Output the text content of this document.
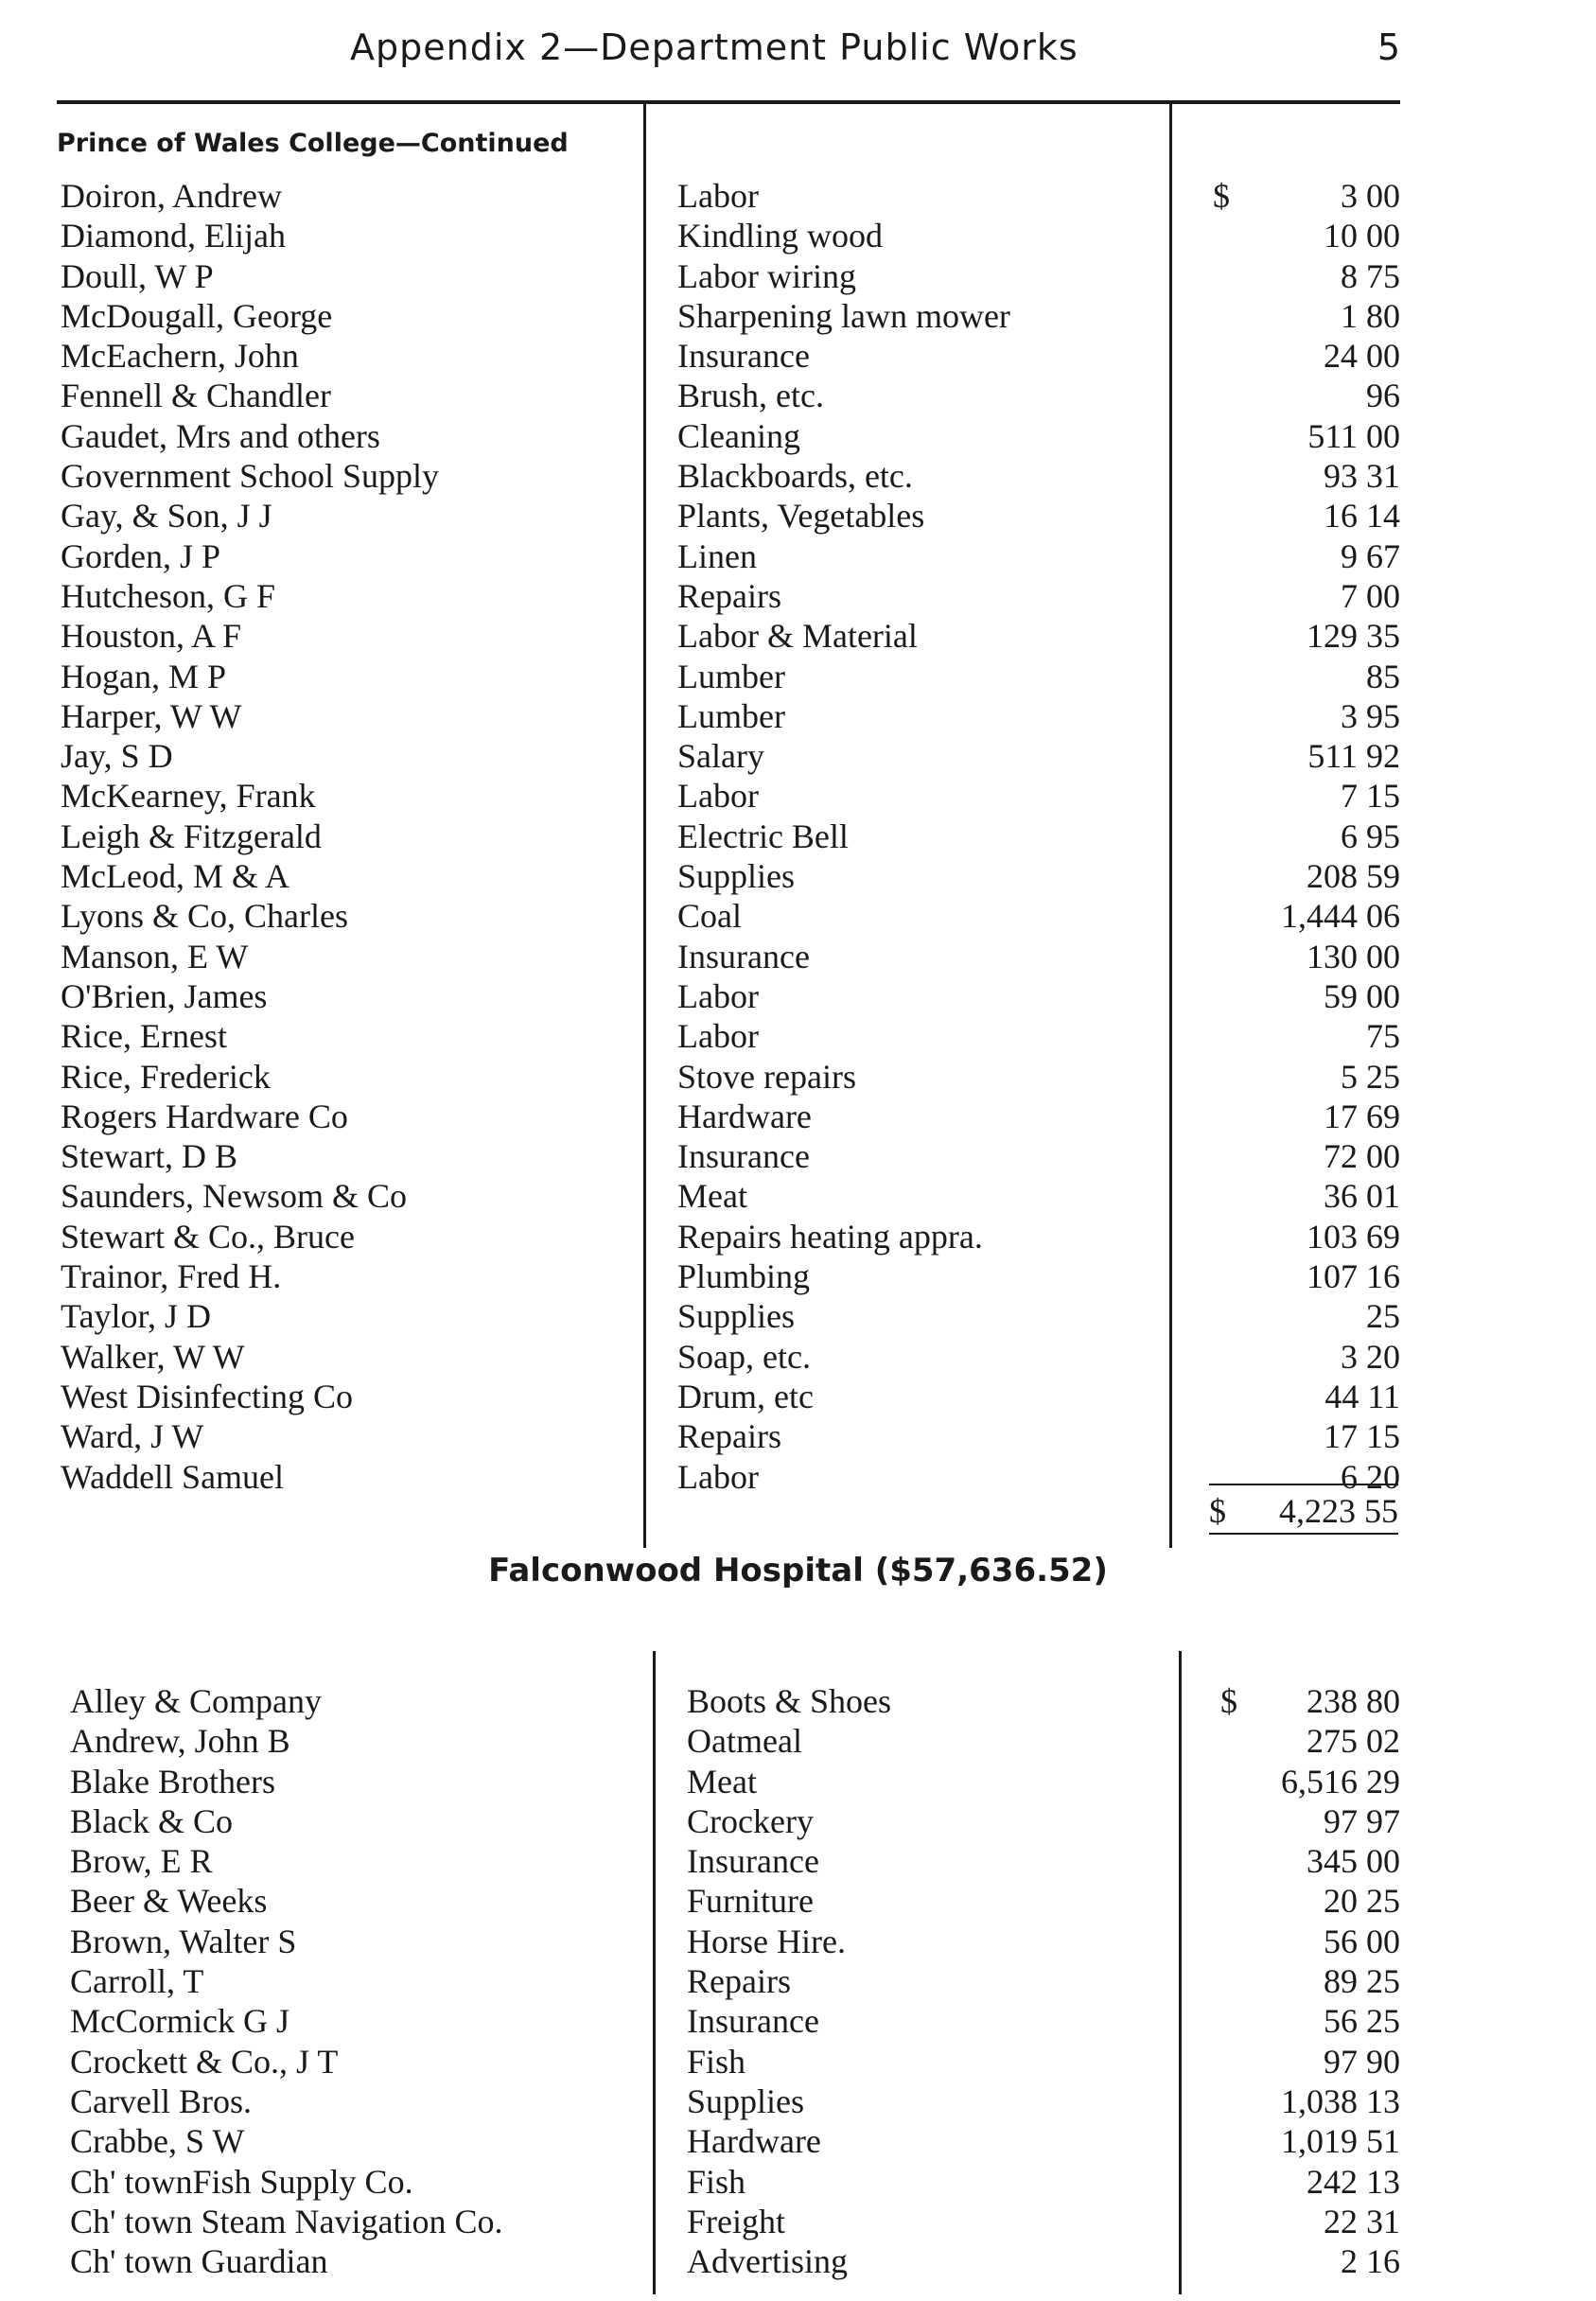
Appendix 2—Department Public Works	5
Prince of Wales College—Continued
Doiron, Andrew	Labor	$	3 00
Diamond, Elijah	Kindling wood	10 00
Doull, W P	Labor wiring	8 75
McDougall, George	Sharpening lawn mower	1 80
McEachern, John	Insurance	24 00
Fennell & Chandler	Brush, etc.	96
Gaudet, Mrs and others	Cleaning	511 00
Government School Supply	Blackboards, etc.	93 31
Gay, & Son, J J	Plants, Vegetables	16 14
Gorden, J P	Linen	9 67
Hutcheson, G F	Repairs	7 00
Houston, A F	Labor & Material	129 35
Hogan, M P	Lumber	85
Harper, W W	Lumber	3 95
Jay, S D	Salary	511 92
McKearney, Frank	Labor	7 15
Leigh & Fitzgerald	Electric Bell	6 95
McLeod, M & A	Supplies	208 59
Lyons & Co, Charles	Coal	1,444 06
Manson, E W	Insurance	130 00
O'Brien, James	Labor	59 00
Rice, Ernest	Labor	75
Rice, Frederick	Stove repairs	5 25
Rogers Hardware Co	Hardware	17 69
Stewart, D B	Insurance	72 00
Saunders, Newsom & Co	Meat	36 01
Stewart & Co., Bruce	Repairs heating appra.	103 69
Trainor, Fred H.	Plumbing	107 16
Taylor, J D	Supplies	25
Walker, W W	Soap, etc.	3 20
West Disinfecting Co	Drum, etc	44 11
Ward, J W	Repairs	17 15
Waddell Samuel	Labor	6 20
$ 4,223 55
Falconwood Hospital ($57,636.52)
Alley & Company	Boots & Shoes	$	238 80
Andrew, John B	Oatmeal	275 02
Blake Brothers	Meat	6,516 29
Black & Co	Crockery	97 97
Brow, E R	Insurance	345 00
Beer & Weeks	Furniture	20 25
Brown, Walter S	Horse Hire.	56 00
Carroll, T	Repairs	89 25
McCormick G J	Insurance	56 25
Crockett & Co., J T	Fish	97 90
Carvell Bros.	Supplies	1,038 13
Crabbe, S W	Hardware	1,019 51
Ch' townFish Supply Co.	Fish	242 13
Ch' town Steam Navigation Co.	Freight	22 31
Ch' town Guardian	Advertising	2 16
